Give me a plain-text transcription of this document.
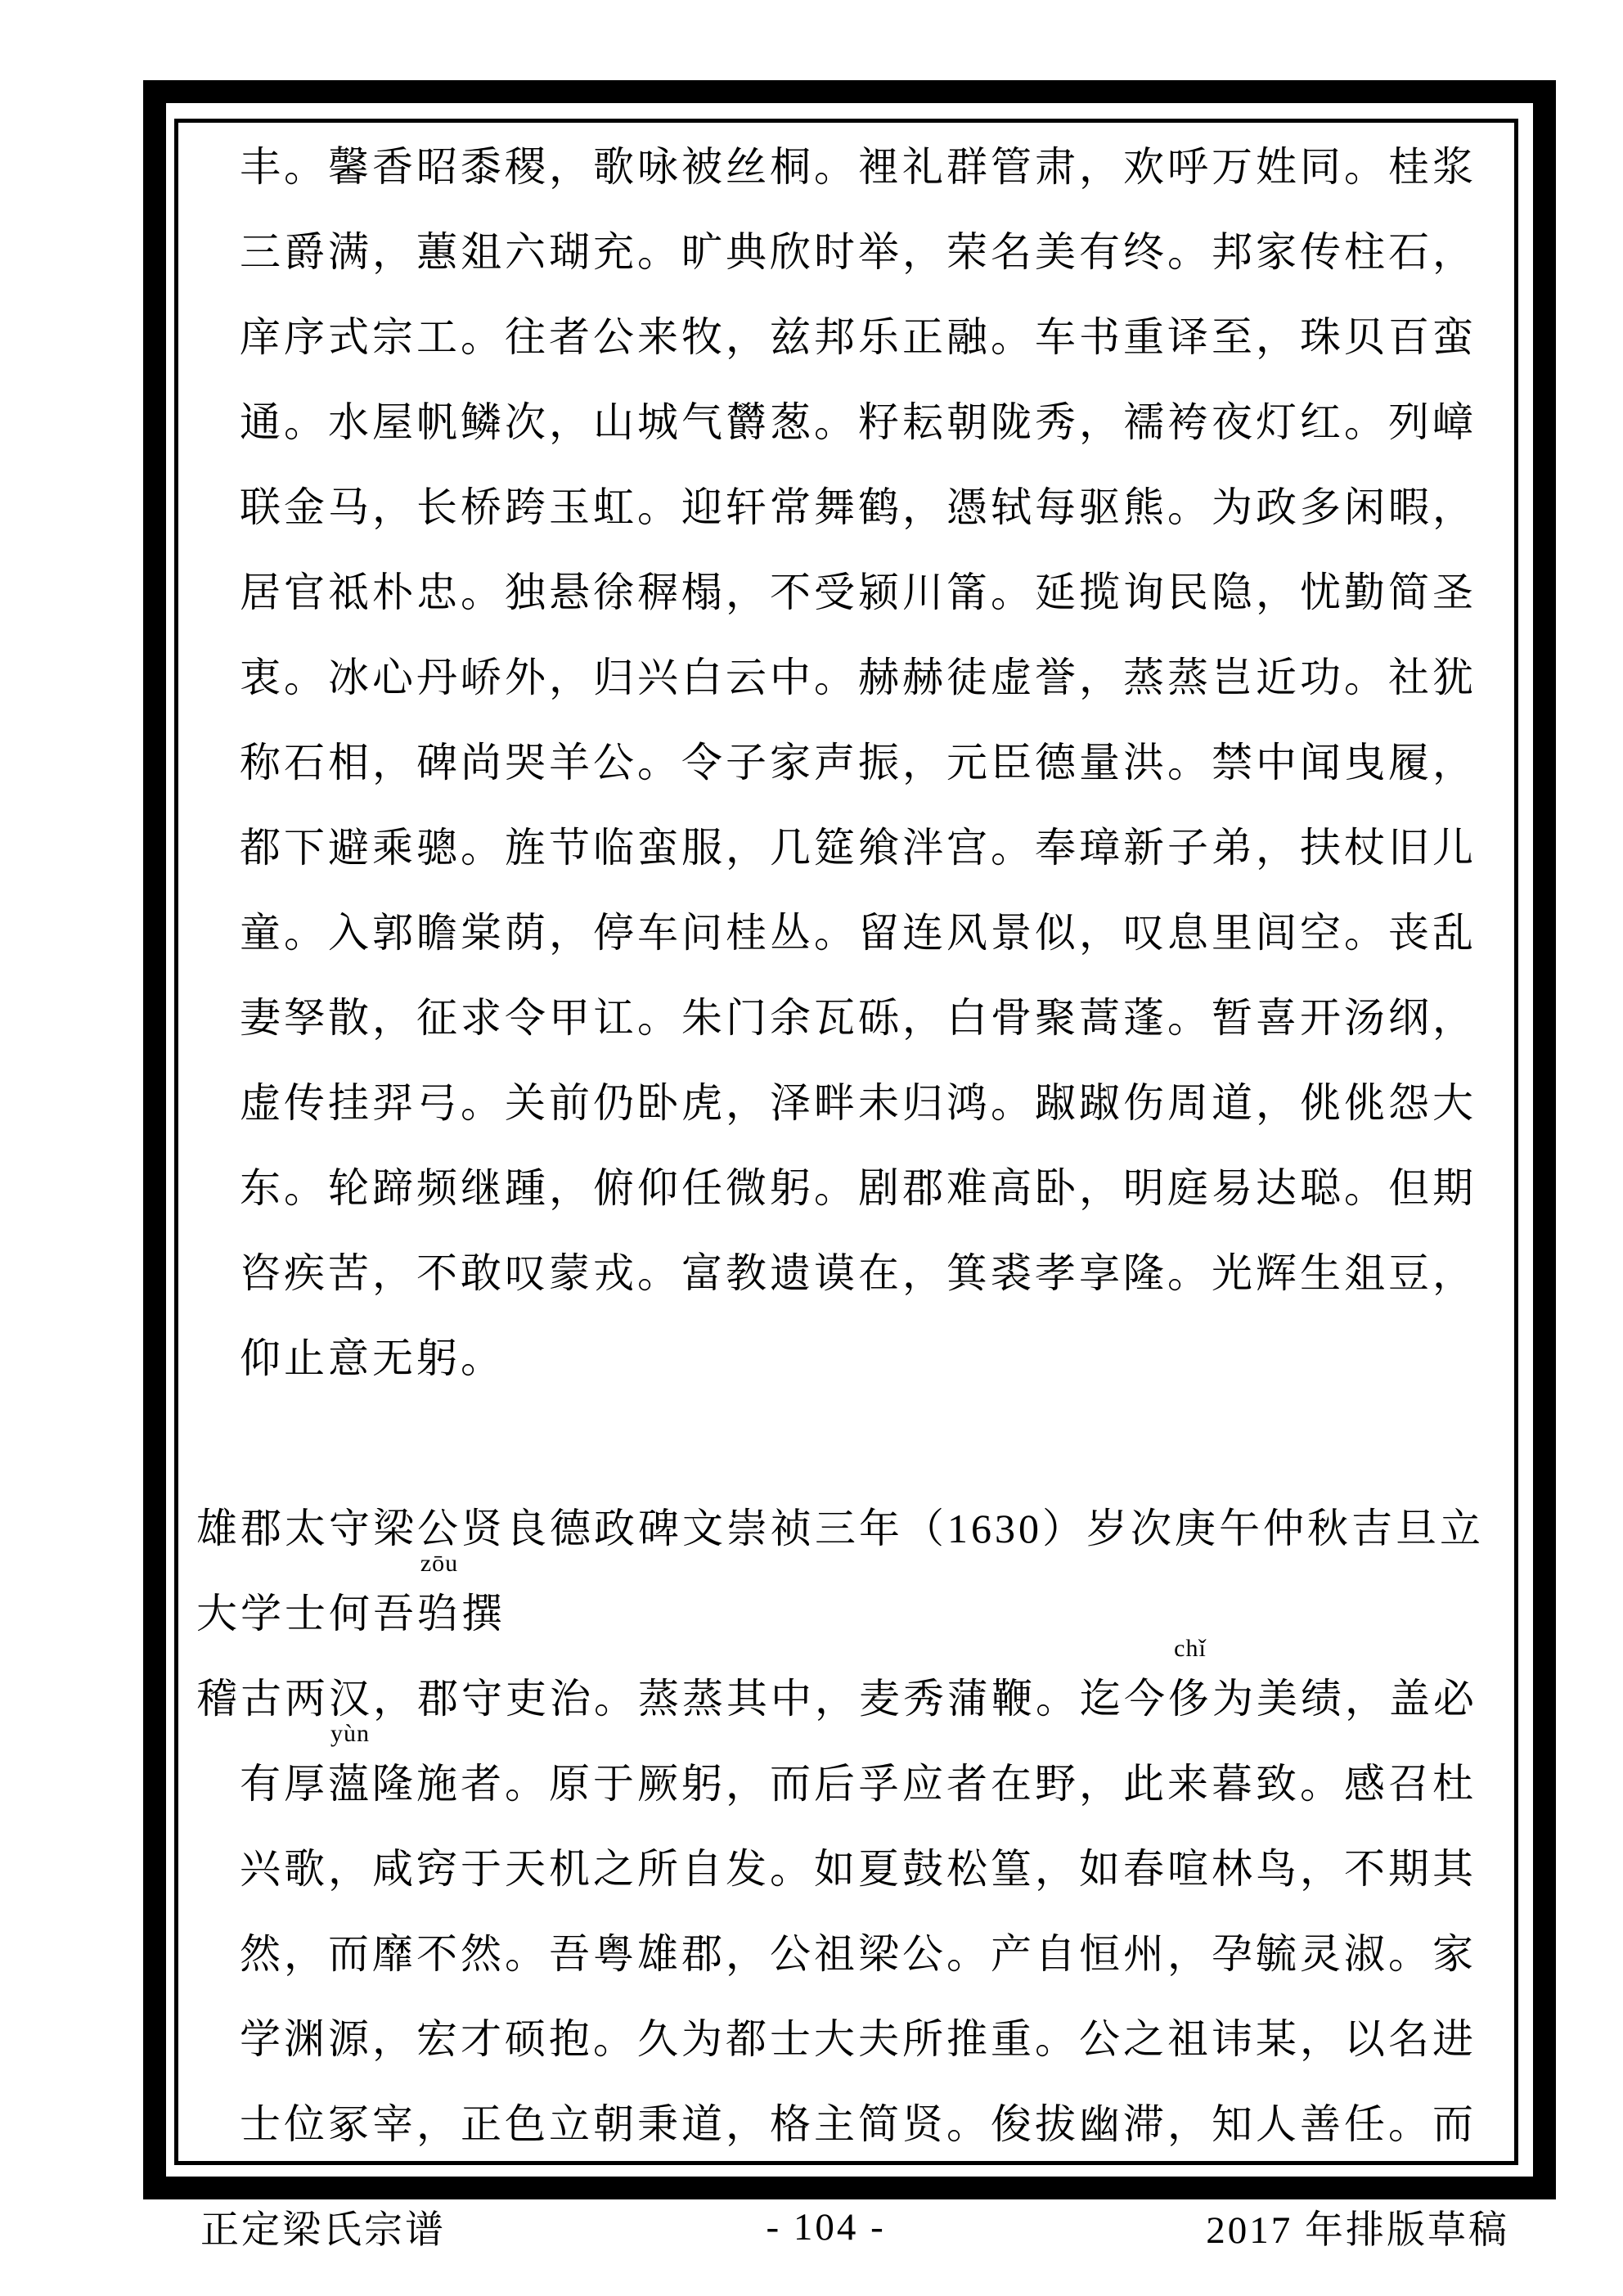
丰。馨香昭黍稷，歌咏被丝桐。裡礼群管肃，欢呼万姓同。桂浆
三爵满，蕙爼六瑚充。旷典欣时举，荣名美有终。邦家传柱石，
庠序式宗工。往者公来牧，兹邦乐正融。车书重译至，珠贝百蛮
通。水屋帆鳞次，山城气欝葱。籽耘朝陇秀，襦袴夜灯红。列嶂
联金马，长桥跨玉虹。迎轩常舞鹤，憑轼每驱熊。为政多闲暇，
居官祗朴忠。独悬徐稺榻，不受颍川筩。延揽询民隐，忧勤简圣
衷。冰心丹峤外，归兴白云中。赫赫徒虚誉，蒸蒸岂近功。社犹
称石相，碑尚哭羊公。令子家声振，元臣德量洪。禁中闻曳履，
都下避乘骢。旌节临蛮服，几筵飨泮宫。奉璋新子弟，扶杖旧儿
童。入郭瞻棠荫，停车问桂丛。留连风景似，叹息里闾空。丧乱
妻孥散，征求令甲讧。朱门余瓦砾，白骨聚蒿蓬。暂喜开汤纲，
虚传挂羿弓。关前仍卧虎，泽畔未归鸿。踧踧伤周道，佻佻怨大
东。轮蹄频继踵，俯仰任微躬。剧郡难高卧，明庭易达聪。但期
咨疾苦，不敢叹蒙戎。富教遗谟在，箕裘孝享隆。光辉生爼豆，
仰止意无躬。
雄郡太守梁公贤良德政碑文崇祯三年（1630）岁次庚午仲秋吉旦立
大学士何吾 驺
zōu
撰
稽古两汉，郡守吏治。蒸蒸其中，麦秀蒲鞭。迄今 侈
chǐ
为美绩，盖必
有厚 薀
yùn
隆施者。原于厥躬，而后孚应者在野，此来暮致。感召杜
兴歌，咸窍于天机之所自发。如夏鼓松篁，如春喧林鸟，不期其
然，而靡不然。吾粤雄郡，公祖梁公。产自恒州，孕毓灵淑。家
学渊源，宏才硕抱。久为都士大夫所推重。公之祖讳某，以名进
士位冢宰，正色立朝秉道，格主简贤。俊拔幽滞，知人善任。而
正定梁氏宗谱	- 104 -	2017 年排版草稿
